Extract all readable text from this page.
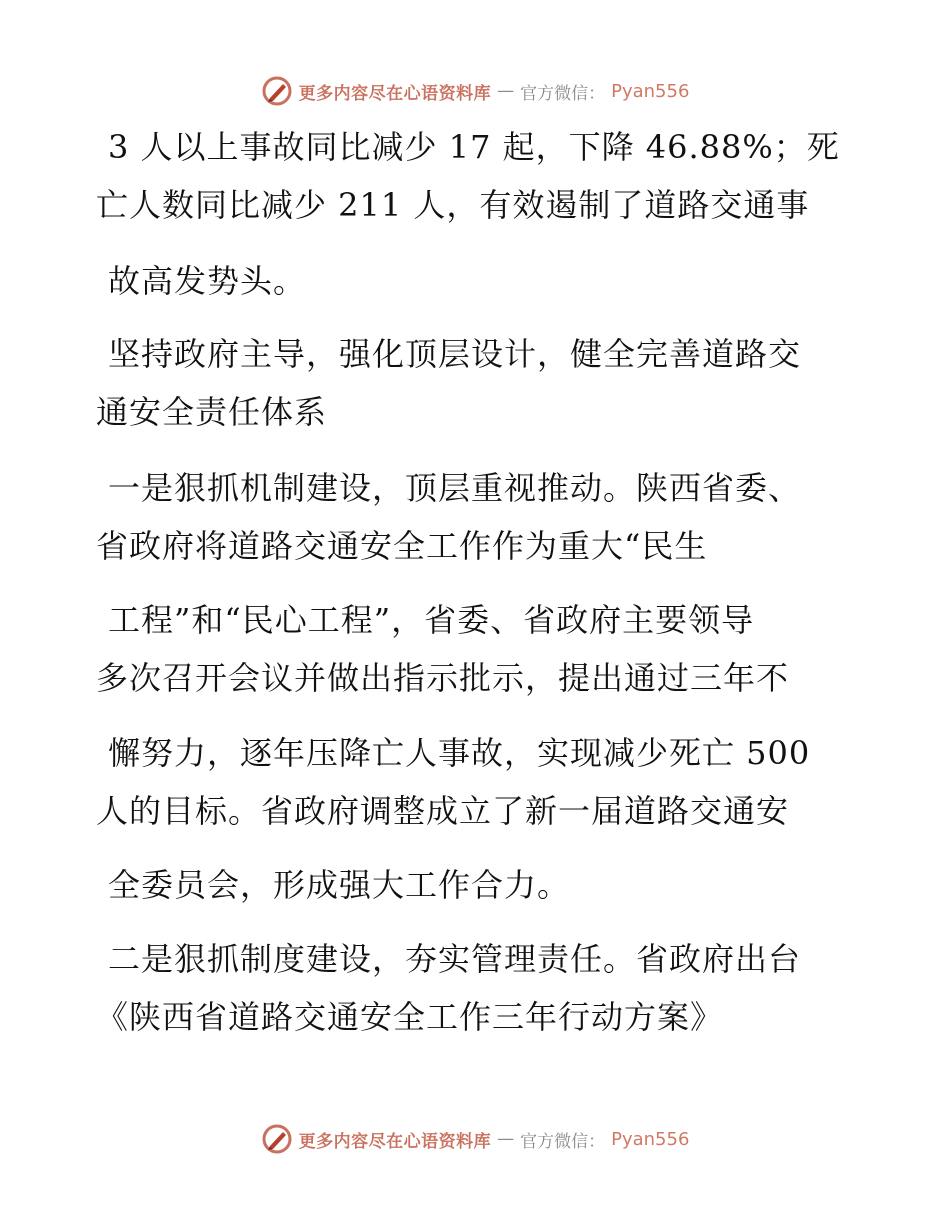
更多内容尽在心语资料库 — 官方微信： Pyan556
3 人以上事故同比减少 17 起，下降 46.88%；死
亡人数同比减少 211 人，有效遏制了道路交通事
故高发势头。
坚持政府主导，强化顶层设计，健全完善道路交
通安全责任体系
一是狠抓机制建设，顶层重视推动。陕西省委、
省政府将道路交通安全工作作为重大“民生
工程”和“民心工程”，省委、省政府主要领导
多次召开会议并做出指示批示，提出通过三年不
懈努力，逐年压降亡人事故，实现减少死亡 500
人的目标。省政府调整成立了新一届道路交通安
全委员会，形成强大工作合力。
二是狠抓制度建设，夯实管理责任。省政府出台
《陕西省道路交通安全工作三年行动方案》
更多内容尽在心语资料库 — 官方微信： Pyan556
